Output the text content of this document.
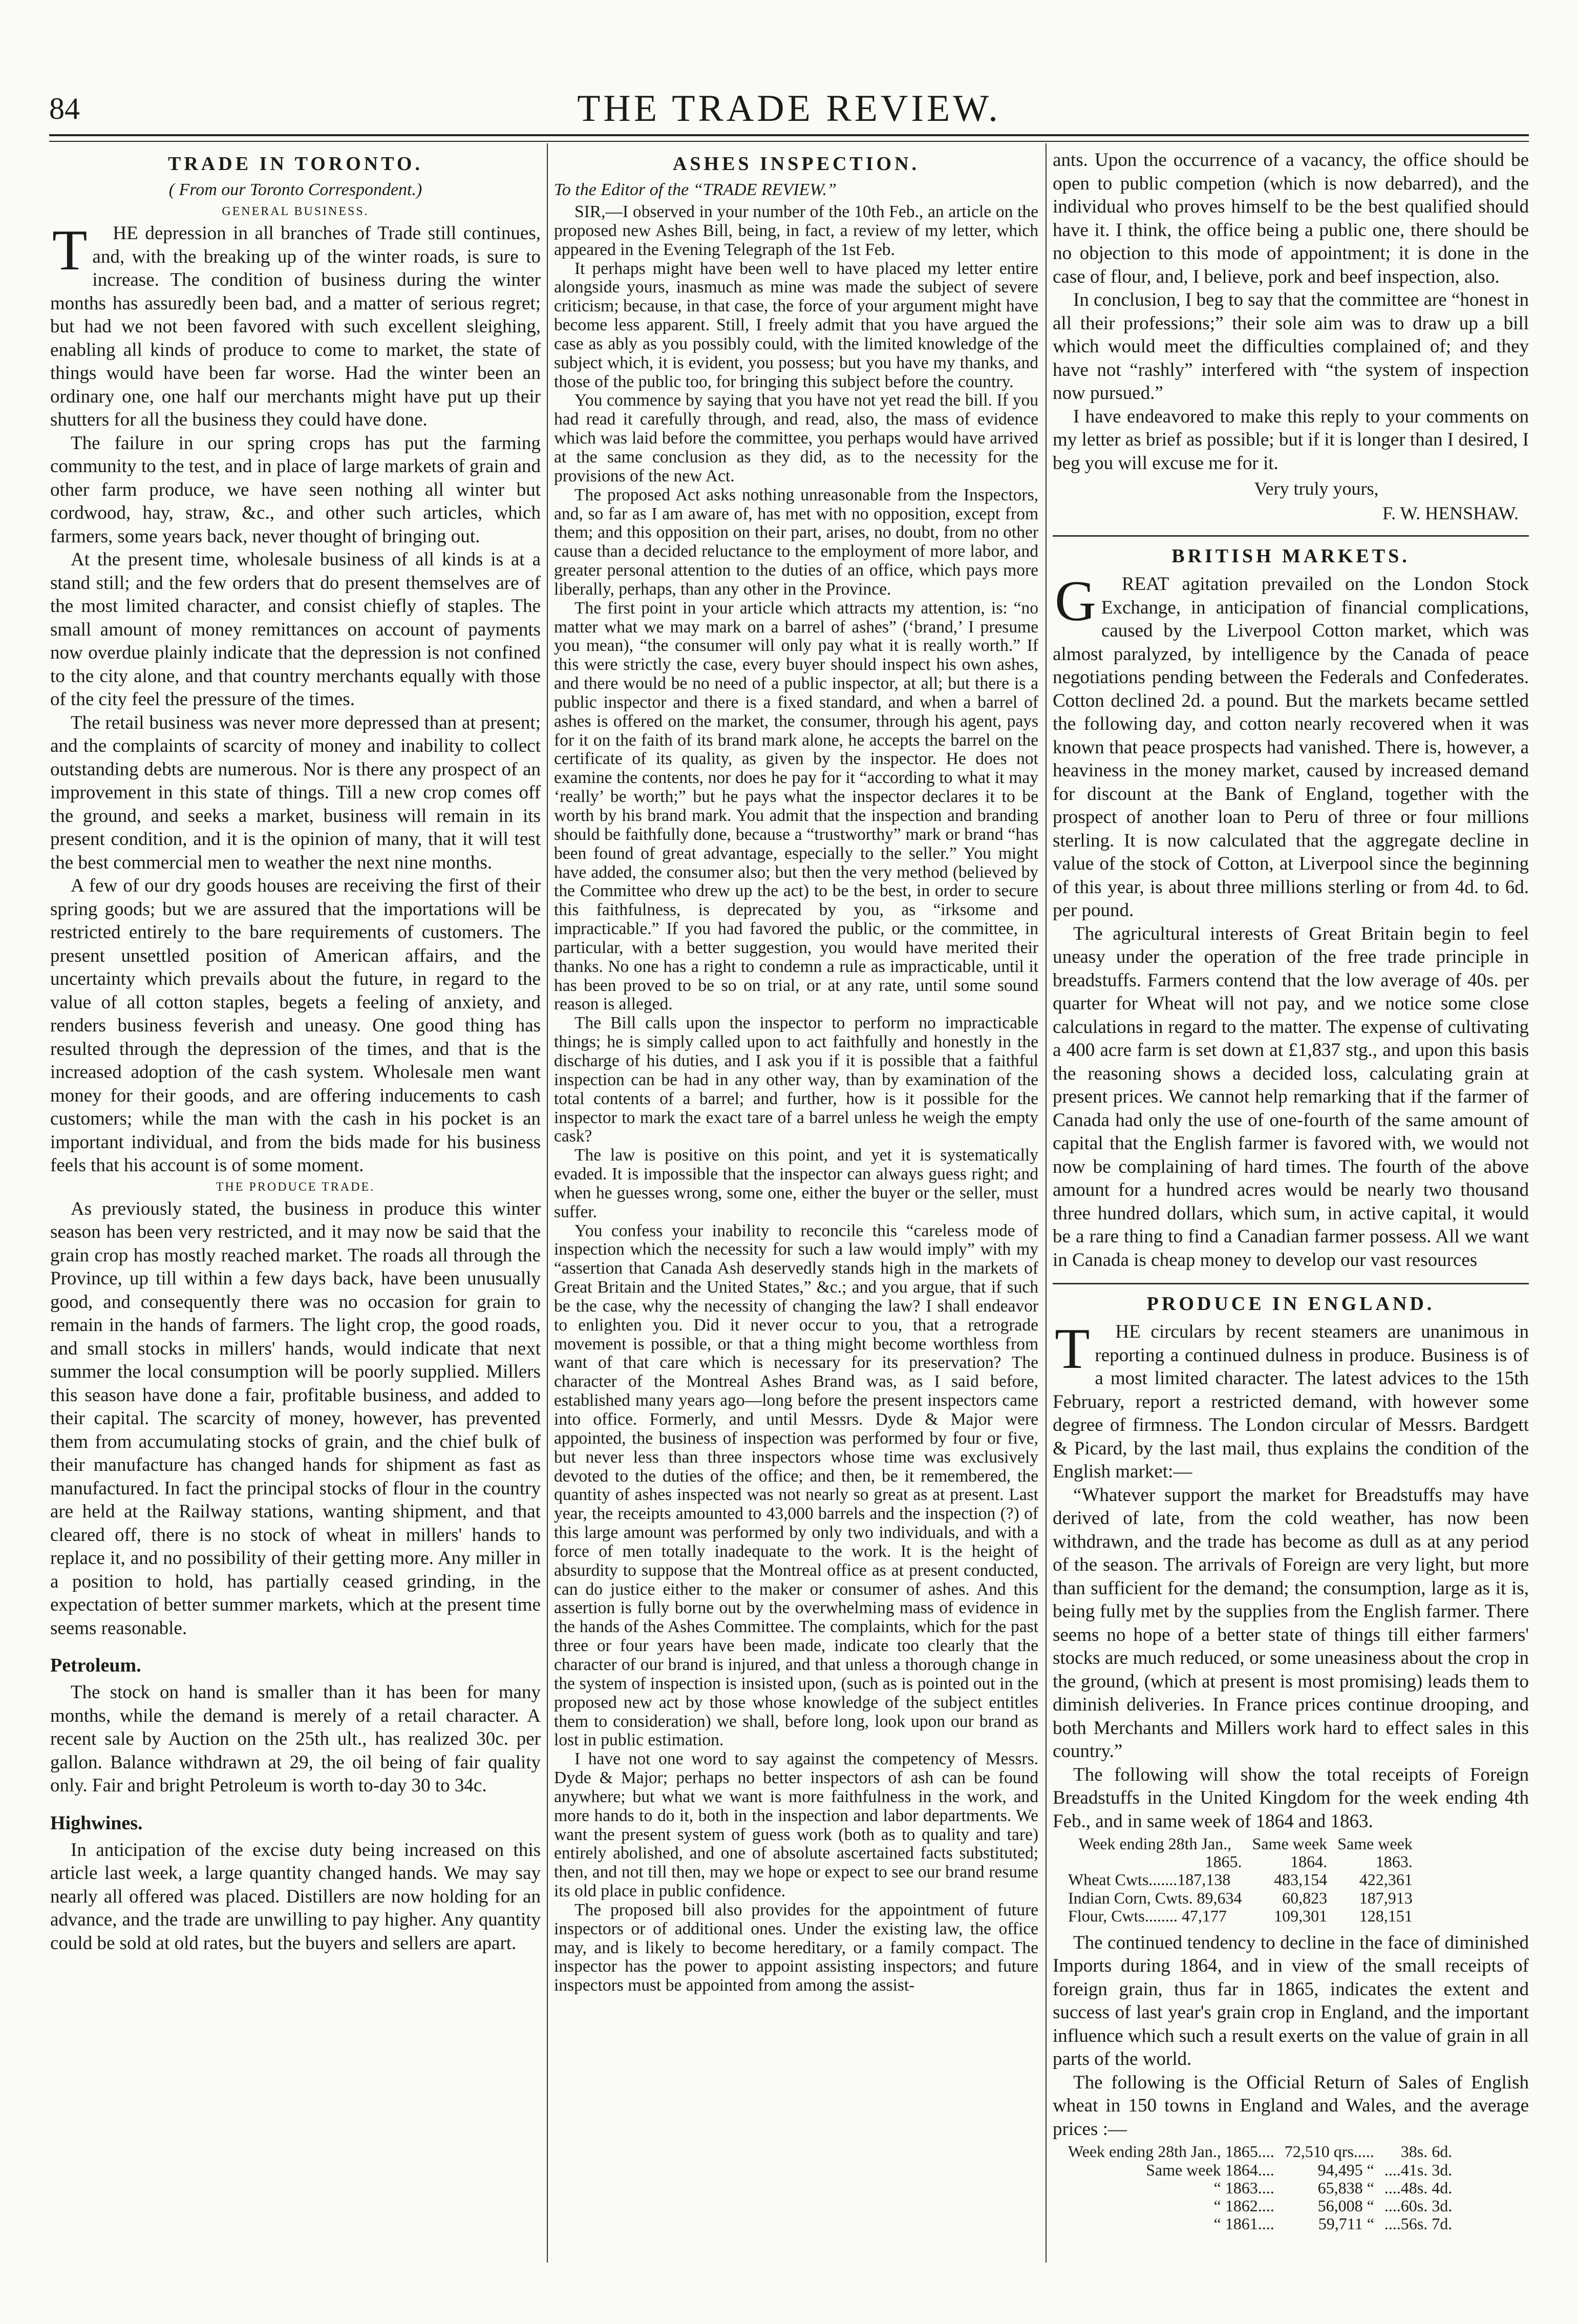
84	THE TRADE REVIEW.
TRADE IN TORONTO.
( From our Toronto Correspondent.)
GENERAL BUSINESS.

THE depression in all branches of Trade still continues, and, with the breaking up of the winter roads, is sure to increase. The condition of business during the winter months has assuredly been bad, and a matter of serious regret; but had we not been favored with such excellent sleighing, enabling all kinds of produce to come to market, the state of things would have been far worse. Had the winter been an ordinary one, one half our merchants might have put up their shutters for all the business they could have done.

The failure in our spring crops has put the farming community to the test, and in place of large markets of grain and other farm produce, we have seen nothing all winter but cordwood, hay, straw, &c., and other such articles, which farmers, some years back, never thought of bringing out.

At the present time, wholesale business of all kinds is at a stand still; and the few orders that do present themselves are of the most limited character, and consist chiefly of staples. The small amount of money remittances on account of payments now overdue plainly indicate that the depression is not confined to the city alone, and that country merchants equally with those of the city feel the pressure of the times.

The retail business was never more depressed than at present; and the complaints of scarcity of money and inability to collect outstanding debts are numerous. Nor is there any prospect of an improvement in this state of things. Till a new crop comes off the ground, and seeks a market, business will remain in its present condition, and it is the opinion of many, that it will test the best commercial men to weather the next nine months.

A few of our dry goods houses are receiving the first of their spring goods; but we are assured that the importations will be restricted entirely to the bare requirements of customers. The present unsettled position of American affairs, and the uncertainty which prevails about the future, in regard to the value of all cotton staples, begets a feeling of anxiety, and renders business feverish and uneasy. One good thing has resulted through the depression of the times, and that is the increased adoption of the cash system. Wholesale men want money for their goods, and are offering inducements to cash customers; while the man with the cash in his pocket is an important individual, and from the bids made for his business feels that his account is of some moment.

THE PRODUCE TRADE.

As previously stated, the business in produce this winter season has been very restricted, and it may now be said that the grain crop has mostly reached market. The roads all through the Province, up till within a few days back, have been unusually good, and consequently there was no occasion for grain to remain in the hands of farmers. The light crop, the good roads, and small stocks in millers' hands, would indicate that next summer the local consumption will be poorly supplied. Millers this season have done a fair, profitable business, and added to their capital. The scarcity of money, however, has prevented them from accumulating stocks of grain, and the chief bulk of their manufacture has changed hands for shipment as fast as manufactured. In fact the principal stocks of flour in the country are held at the Railway stations, wanting shipment, and that cleared off, there is no stock of wheat in millers' hands to replace it, and no possibility of their getting more. Any miller in a position to hold, has partially ceased grinding, in the expectation of better summer markets, which at the present time seems reasonable.

Petroleum.

The stock on hand is smaller than it has been for many months, while the demand is merely of a retail character. A recent sale by Auction on the 25th ult., has realized 30c. per gallon. Balance withdrawn at 29, the oil being of fair quality only. Fair and bright Petroleum is worth to-day 30 to 34c.

Highwines.

In anticipation of the excise duty being increased on this article last week, a large quantity changed hands. We may say nearly all offered was placed. Distillers are now holding for an advance, and the trade are unwilling to pay higher. Any quantity could be sold at old rates, but the buyers and sellers are apart.

ASHES INSPECTION.
To the Editor of the “TRADE REVIEW.”

SIR,—I observed in your number of the 10th Feb., an article on the proposed new Ashes Bill, being, in fact, a review of my letter, which appeared in the Evening Telegraph of the 1st Feb.

It perhaps might have been well to have placed my letter entire alongside yours, inasmuch as mine was made the subject of severe criticism; because, in that case, the force of your argument might have become less apparent. Still, I freely admit that you have argued the case as ably as you possibly could, with the limited knowledge of the subject which, it is evident, you possess; but you have my thanks, and those of the public too, for bringing this subject before the country.

You commence by saying that you have not yet read the bill. If you had read it carefully through, and read, also, the mass of evidence which was laid before the committee, you perhaps would have arrived at the same conclusion as they did, as to the necessity for the provisions of the new Act.

The proposed Act asks nothing unreasonable from the Inspectors, and, so far as I am aware of, has met with no opposition, except from them; and this opposition on their part, arises, no doubt, from no other cause than a decided reluctance to the employment of more labor, and greater personal attention to the duties of an office, which pays more liberally, perhaps, than any other in the Province.

The first point in your article which attracts my attention, is: “no matter what we may mark on a barrel of ashes” (‘brand,’ I presume you mean), “the consumer will only pay what it is really worth.” If this were strictly the case, every buyer should inspect his own ashes, and there would be no need of a public inspector, at all; but there is a public inspector and there is a fixed standard, and when a barrel of ashes is offered on the market, the consumer, through his agent, pays for it on the faith of its brand mark alone, he accepts the barrel on the certificate of its quality, as given by the inspector. He does not examine the contents, nor does he pay for it “according to what it may ‘really’ be worth;” but he pays what the inspector declares it to be worth by his brand mark. You admit that the inspection and branding should be faithfully done, because a “trustworthy” mark or brand “has been found of great advantage, especially to the seller.” You might have added, the consumer also; but then the very method (believed by the Committee who drew up the act) to be the best, in order to secure this faithfulness, is deprecated by you, as “irksome and impracticable.” If you had favored the public, or the committee, in particular, with a better suggestion, you would have merited their thanks. No one has a right to condemn a rule as impracticable, until it has been proved to be so on trial, or at any rate, until some sound reason is alleged.

The Bill calls upon the inspector to perform no impracticable things; he is simply called upon to act faithfully and honestly in the discharge of his duties, and I ask you if it is possible that a faithful inspection can be had in any other way, than by examination of the total contents of a barrel; and further, how is it possible for the inspector to mark the exact tare of a barrel unless he weigh the empty cask?

The law is positive on this point, and yet it is systematically evaded. It is impossible that the inspector can always guess right; and when he guesses wrong, some one, either the buyer or the seller, must suffer.

You confess your inability to reconcile this “careless mode of inspection which the necessity for such a law would imply” with my “assertion that Canada Ash deservedly stands high in the markets of Great Britain and the United States,” &c.; and you argue, that if such be the case, why the necessity of changing the law? I shall endeavor to enlighten you. Did it never occur to you, that a retrograde movement is possible, or that a thing might become worthless from want of that care which is necessary for its preservation? The character of the Montreal Ashes Brand was, as I said before, established many years ago—long before the present inspectors came into office. Formerly, and until Messrs. Dyde & Major were appointed, the business of inspection was performed by four or five, but never less than three inspectors whose time was exclusively devoted to the duties of the office; and then, be it remembered, the quantity of ashes inspected was not nearly so great as at present. Last year, the receipts amounted to 43,000 barrels and the inspection (?) of this large amount was performed by only two individuals, and with a force of men totally inadequate to the work. It is the height of absurdity to suppose that the Montreal office as at present conducted, can do justice either to the maker or consumer of ashes. And this assertion is fully borne out by the overwhelming mass of evidence in the hands of the Ashes Committee. The complaints, which for the past three or four years have been made, indicate too clearly that the character of our brand is injured, and that unless a thorough change in the system of inspection is insisted upon, (such as is pointed out in the proposed new act by those whose knowledge of the subject entitles them to consideration) we shall, before long, look upon our brand as lost in public estimation.

I have not one word to say against the competency of Messrs. Dyde & Major; perhaps no better inspectors of ash can be found anywhere; but what we want is more faithfulness in the work, and more hands to do it, both in the inspection and labor departments. We want the present system of guess work (both as to quality and tare) entirely abolished, and one of absolute ascertained facts substituted; then, and not till then, may we hope or expect to see our brand resume its old place in public confidence.

The proposed bill also provides for the appointment of future inspectors or of additional ones. Under the existing law, the office may, and is likely to become hereditary, or a family compact. The inspector has the power to appoint assisting inspectors; and future inspectors must be appointed from among the assist-

ants. Upon the occurrence of a vacancy, the office should be open to public competion (which is now debarred), and the individual who proves himself to be the best qualified should have it. I think, the office being a public one, there should be no objection to this mode of appointment; it is done in the case of flour, and, I believe, pork and beef inspection, also.

In conclusion, I beg to say that the committee are “honest in all their professions;” their sole aim was to draw up a bill which would meet the difficulties complained of; and they have not “rashly” interfered with “the system of inspection now pursued.”

I have endeavored to make this reply to your comments on my letter as brief as possible; but if it is longer than I desired, I beg you will excuse me for it.

Very truly yours,
F. W. HENSHAW.
BRITISH MARKETS.

GREAT agitation prevailed on the London Stock Exchange, in anticipation of financial complications, caused by the Liverpool Cotton market, which was almost paralyzed, by intelligence by the Canada of peace negotiations pending between the Federals and Confederates. Cotton declined 2d. a pound. But the markets became settled the following day, and cotton nearly recovered when it was known that peace prospects had vanished. There is, however, a heaviness in the money market, caused by increased demand for discount at the Bank of England, together with the prospect of another loan to Peru of three or four millions sterling. It is now calculated that the aggregate decline in value of the stock of Cotton, at Liverpool since the beginning of this year, is about three millions sterling or from 4d. to 6d. per pound.

The agricultural interests of Great Britain begin to feel uneasy under the operation of the free trade principle in breadstuffs. Farmers contend that the low average of 40s. per quarter for Wheat will not pay, and we notice some close calculations in regard to the matter. The expense of cultivating a 400 acre farm is set down at £1,837 stg., and upon this basis the reasoning shows a decided loss, calculating grain at present prices. We cannot help remarking that if the farmer of Canada had only the use of one-fourth of the same amount of capital that the English farmer is favored with, we would not now be complaining of hard times. The fourth of the above amount for a hundred acres would be nearly two thousand three hundred dollars, which sum, in active capital, it would be a rare thing to find a Canadian farmer possess. All we want in Canada is cheap money to develop our vast resources

PRODUCE IN ENGLAND.

THE circulars by recent steamers are unanimous in reporting a continued dulness in produce. Business is of a most limited character. The latest advices to the 15th February, report a restricted demand, with however some degree of firmness. The London circular of Messrs. Bardgett & Picard, by the last mail, thus explains the condition of the English market:—

“Whatever support the market for Breadstuffs may have derived of late, from the cold weather, has now been withdrawn, and the trade has become as dull as at any period of the season. The arrivals of Foreign are very light, but more than sufficient for the demand; the consumption, large as it is, being fully met by the supplies from the English farmer. There seems no hope of a better state of things till either farmers' stocks are much reduced, or some uneasiness about the crop in the ground, (which at present is most promising) leads them to diminish deliveries. In France prices continue drooping, and both Merchants and Millers work hard to effect sales in this country.”

The following will show the total receipts of Foreign Breadstuffs in the United Kingdom for the week ending 4th Feb., and in same week of 1864 and 1863.

Week ending 28th Jan.,	Same week	Same week
1865.	1864.	1863.
Wheat Cwts.......187,138	483,154	422,361
Indian Corn, Cwts. 89,634	60,823	187,913
Flour, Cwts........ 47,177	109,301	128,151

The continued tendency to decline in the face of diminished Imports during 1864, and in view of the small receipts of foreign grain, thus far in 1865, indicates the extent and success of last year's grain crop in England, and the important influence which such a result exerts on the value of grain in all parts of the world.

The following is the Official Return of Sales of English wheat in 150 towns in England and Wales, and the average prices :—

Week ending 28th Jan., 1865....	72,510 qrs.....	38s. 6d.
Same week 1864....	94,495 “	....41s. 3d.
“ 1863....	65,838 “	....48s. 4d.
“ 1862....	56,008 “	....60s. 3d.
“ 1861....	59,711 “	....56s. 7d.
